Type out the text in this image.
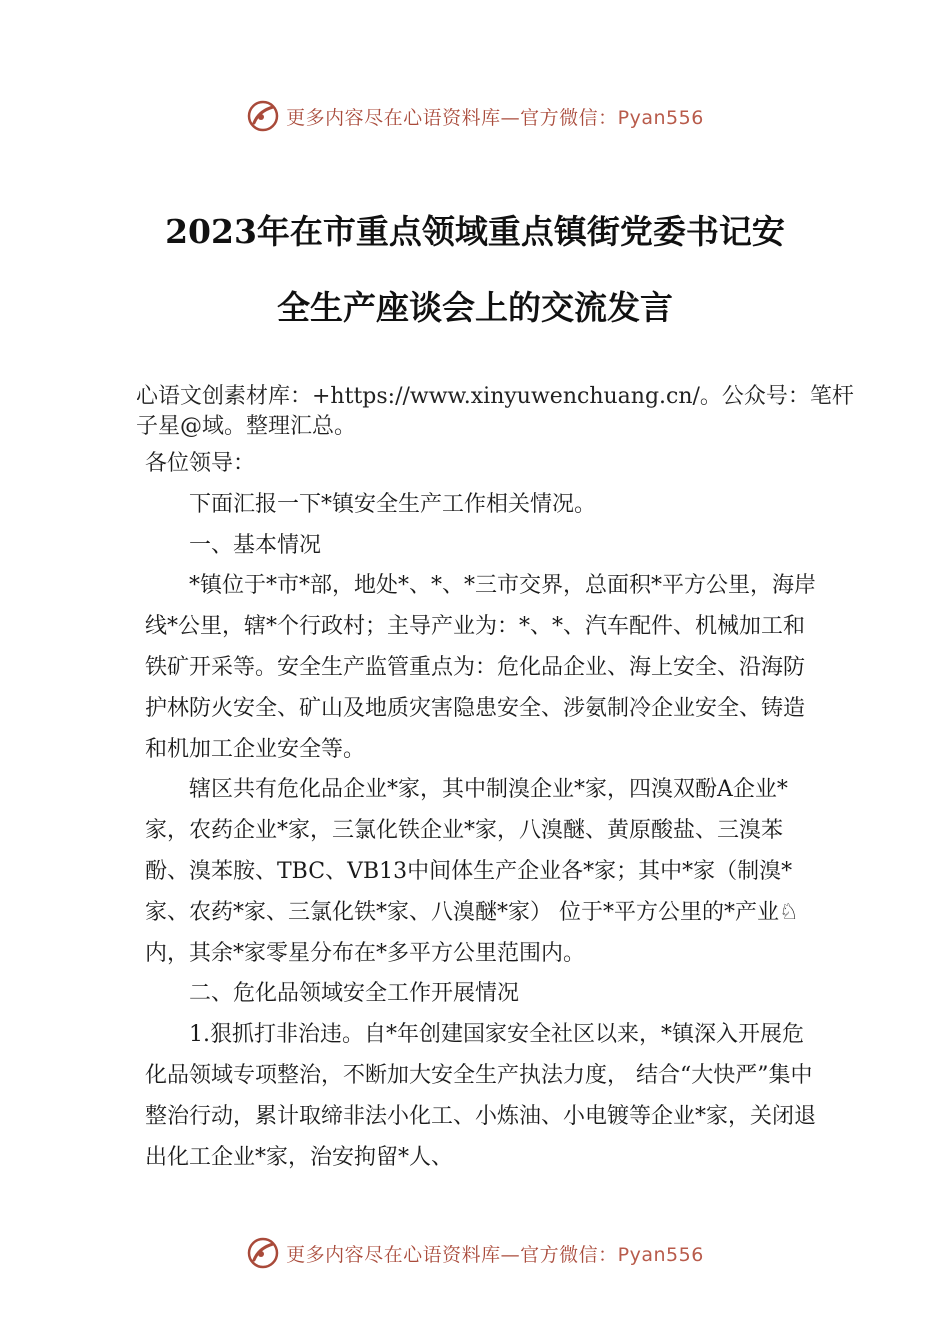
更多内容尽在心语资料库—官方微信：Pyan556
2023年在市重点领域重点镇街党委书记安
全生产座谈会上的交流发言
心语文创素材库：+https://www.xinyuwenchuang.cn/。公众号：笔杆子星@域。整理汇总。

各位领导：

下面汇报一下*镇安全生产工作相关情况。

一、基本情况

*镇位于*市*部，地处*、*、*三市交界，总面积*平方公里，海岸线*公里，辖*个行政村；主导产业为：*、*、汽车配件、机械加工和铁矿开采等。安全生产监管重点为：危化品企业、海上安全、沿海防护林防火安全、矿山及地质灾害隐患安全、涉氨制冷企业安全、铸造和机加工企业安全等。

辖区共有危化品企业*家，其中制溴企业*家，四溴双酚A企业*家，农药企业*家，三氯化铁企业*家，八溴醚、黄原酸盐、三溴苯酚、溴苯胺、TBC、VB13中间体生产企业各*家；其中*家（制溴*家、农药*家、三氯化铁*家、八溴醚*家） 位于*平方公里的*产业♘内，其余*家零星分布在*多平方公里范围内。

二、危化品领域安全工作开展情况

1.狠抓打非治违。自*年创建国家安全社区以来，*镇深入开展危化品领域专项整治，不断加大安全生产执法力度， 结合“大快严”集中整治行动，累计取缔非法小化工、小炼油、小电镀等企业*家，关闭退出化工企业*家，治安拘留*人、

更多内容尽在心语资料库—官方微信：Pyan556
